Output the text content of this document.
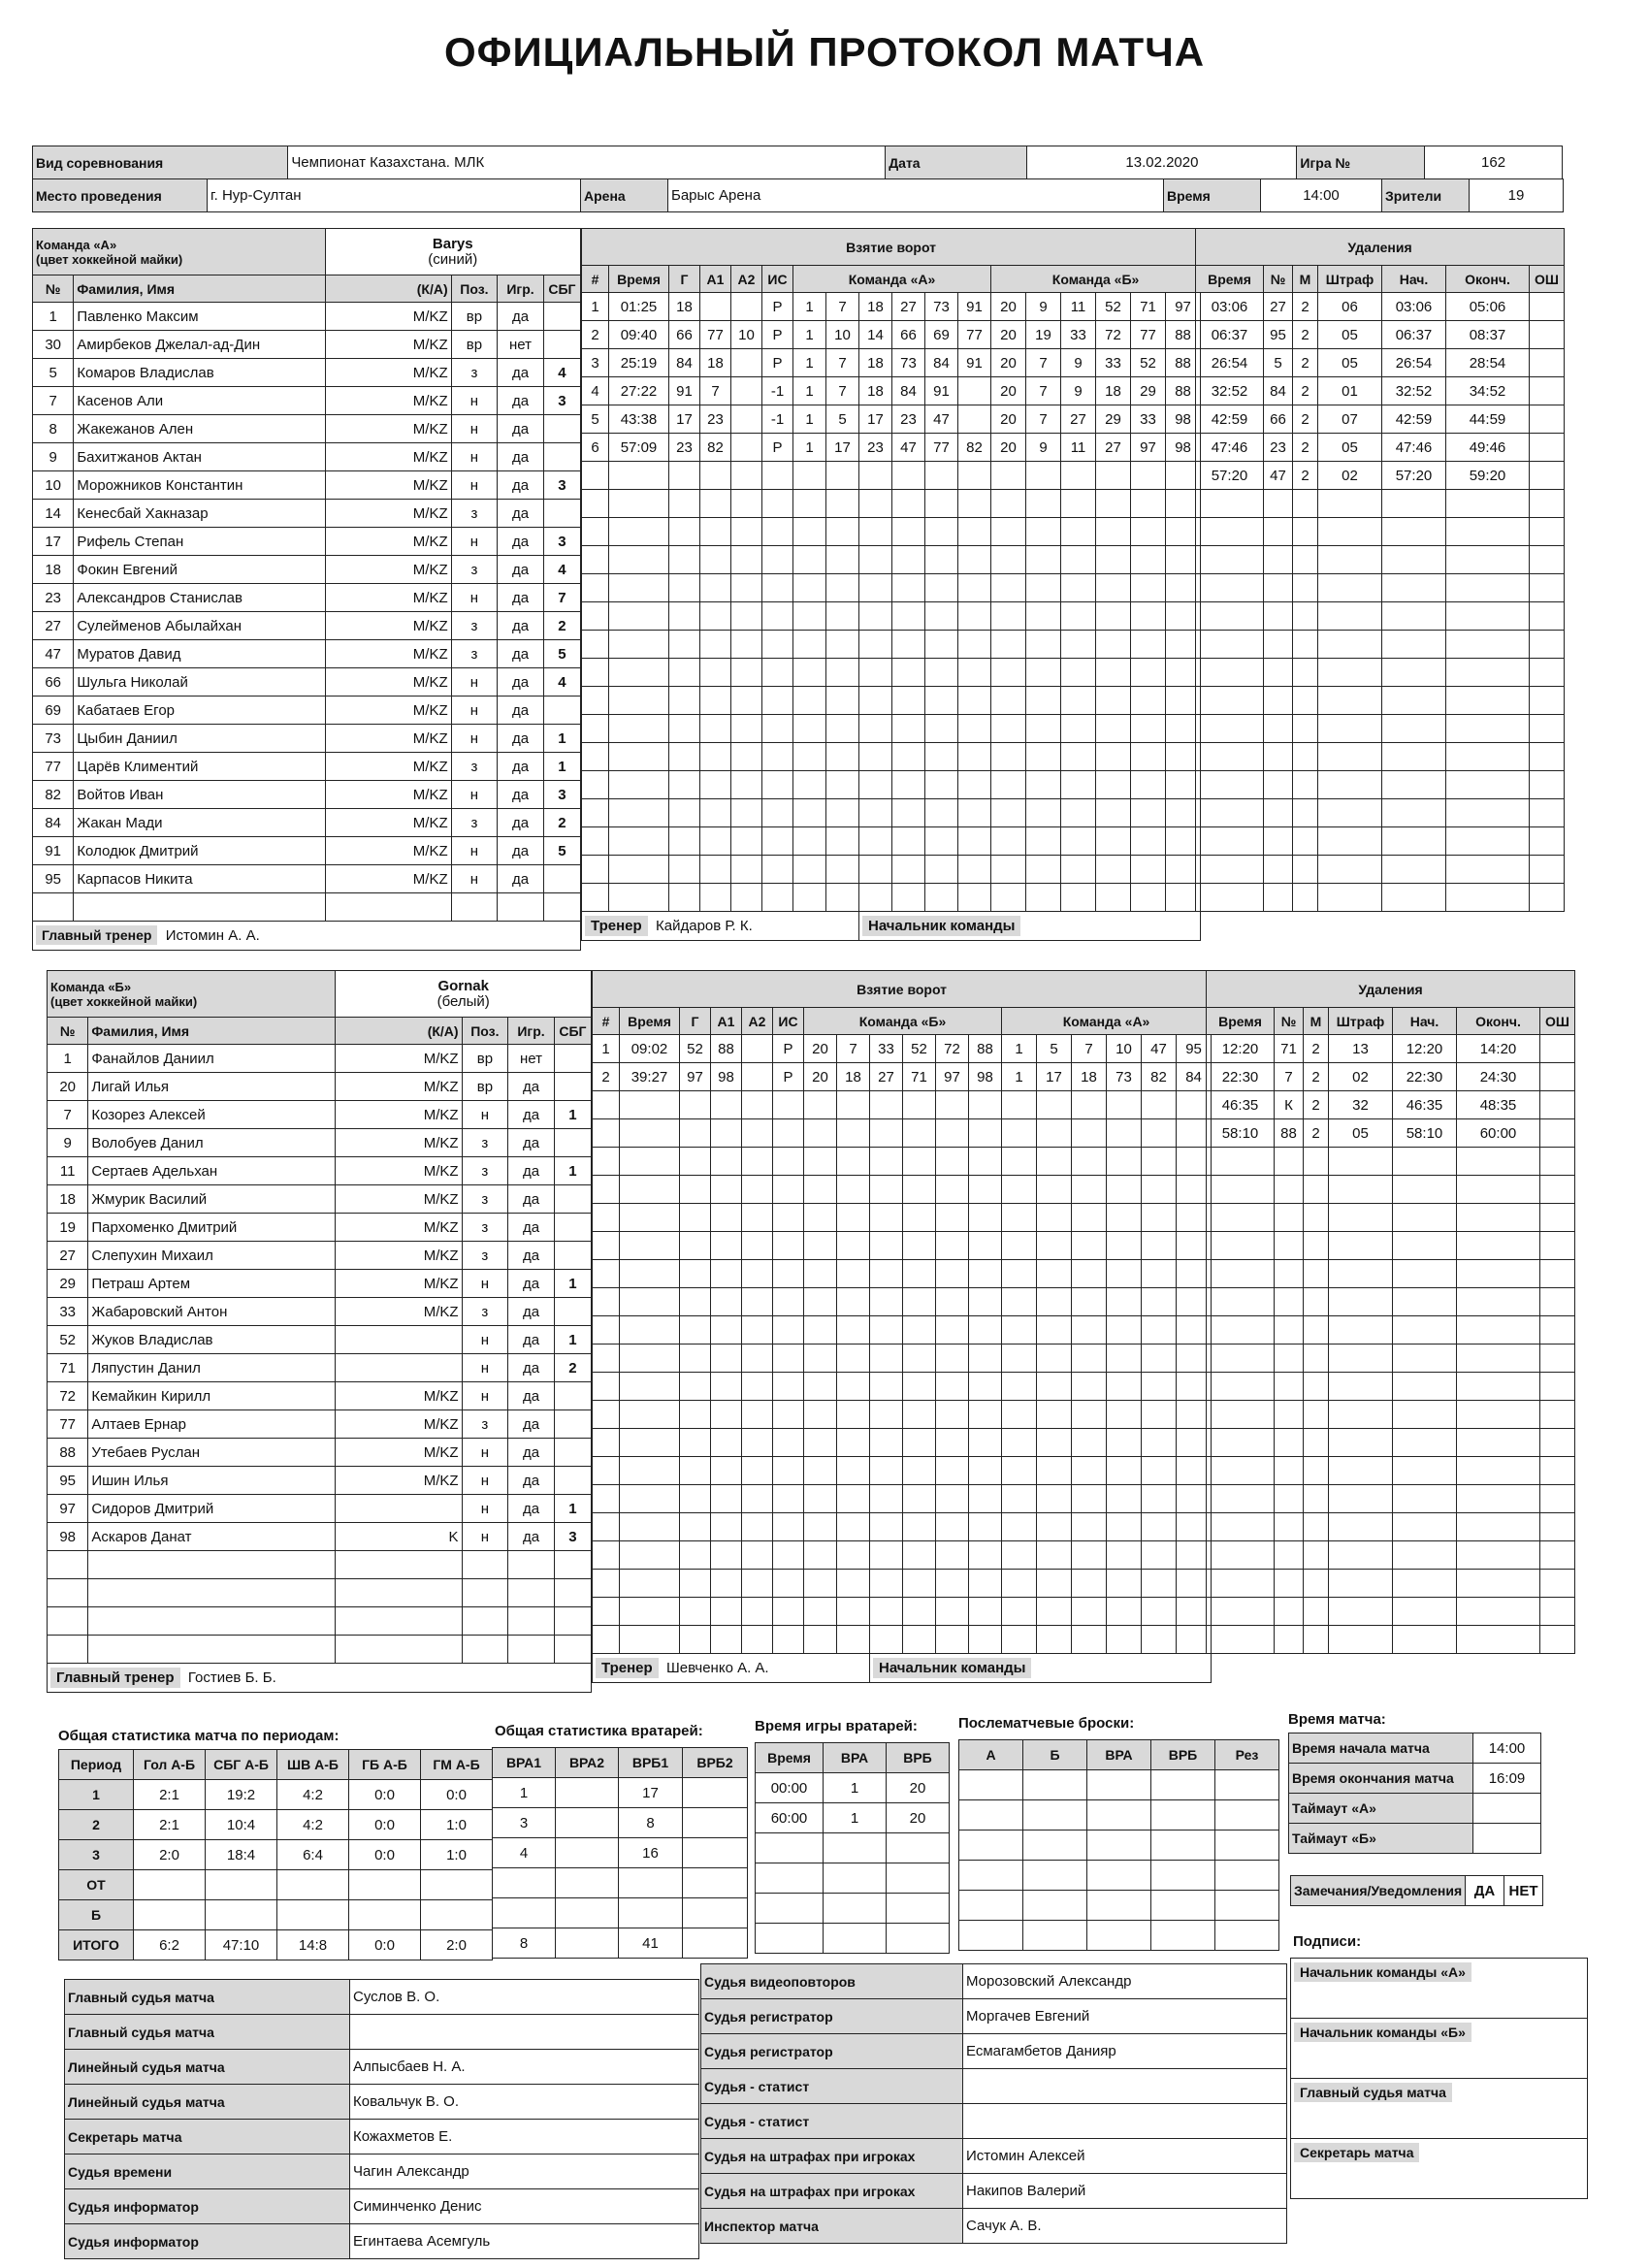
ОФИЦИАЛЬНЫЙ ПРОТОКОЛ МАТЧА
Вид соревнования	Чемпионат Казахстана. МЛК	Дата	13.02.2020	Игра №	162
Место проведения	г. Нур-Султан	Арена	Барыс Арена	Время	14:00	Зрители	19
Команда «А»
(цвет хоккейной майки)		Barys
(синий)			
№	Фамилия, Имя	(К/А)	Поз.	Игр.	СБГ
1	Павленко Максим	M/KZ	вр	да	
30	Амирбеков Джелал-ад-Дин	M/KZ	вр	нет	
5	Комаров Владислав	M/KZ	з	да	4
7	Касенов Али	M/KZ	н	да	3
8	Жакежанов Ален	M/KZ	н	да	
9	Бахитжанов Актан	M/KZ	н	да	
10	Морожников Константин	M/KZ	н	да	3
14	Кенесбай Хакназар	M/KZ	з	да	
17	Рифель Степан	M/KZ	н	да	3
18	Фокин Евгений	M/KZ	з	да	4
23	Александров Станислав	M/KZ	н	да	7
27	Сулейменов Абылайхан	M/KZ	з	да	2
47	Муратов Давид	M/KZ	з	да	5
66	Шульга Николай	M/KZ	н	да	4
69	Кабатаев Егор	M/KZ	н	да	
73	Цыбин Даниил	M/KZ	н	да	1
77	Царёв Климентий	M/KZ	з	да	1
82	Войтов Иван	M/KZ	н	да	3
84	Жакан Мади	M/KZ	з	да	2
91	Колодюк Дмитрий	M/KZ	н	да	5
95	Карпасов Никита	M/KZ	н	да	

Главный тренер Истомин А. А.					
Взятие ворот																	
#	Время	Г	А1	А2	ИС	Команда «А»						Команда «Б»					
1	01:25	18			Р	1	7	18	27	73	91	20	9	11	52	71	97
2	09:40	66	77	10	Р	1	10	14	66	69	77	20	19	33	72	77	88
3	25:19	84	18		Р	1	7	18	73	84	91	20	7	9	33	52	88
4	27:22	91	7		-1	1	7	18	84	91		20	7	9	18	29	88
5	43:38	17	23		-1	1	5	17	23	47		20	7	27	29	33	98
6	57:09	23	82		Р	1	17	23	47	77	82	20	9	11	27	97	98

Тренер Кайдаров Р. К.								Начальник команды									
Удаления						
Время	№	М	Штраф	Нач.	Оконч.	ОШ
03:06	27	2	06	03:06	05:06	
06:37	95	2	05	06:37	08:37	
26:54	5	2	05	26:54	28:54	
32:52	84	2	01	32:52	34:52	
42:59	66	2	07	42:59	44:59	
47:46	23	2	05	47:46	49:46	
57:20	47	2	02	57:20	59:20	

Команда «Б»
(цвет хоккейной майки)		Gornak
(белый)			
№	Фамилия, Имя	(К/А)	Поз.	Игр.	СБГ
1	Фанайлов Даниил	M/KZ	вр	нет	
20	Лигай Илья	M/KZ	вр	да	
7	Козорез Алексей	M/KZ	н	да	1
9	Волобуев Данил	M/KZ	з	да	
11	Сертаев Адельхан	M/KZ	з	да	1
18	Жмурик Василий	M/KZ	з	да	
19	Пархоменко Дмитрий	M/KZ	з	да	
27	Слепухин Михаил	M/KZ	з	да	
29	Петраш Артем	M/KZ	н	да	1
33	Жабаровский Антон	M/KZ	з	да	
52	Жуков Владислав		н	да	1
71	Ляпустин Данил		н	да	2
72	Кемайкин Кирилл	M/KZ	н	да	
77	Алтаев Ернар	M/KZ	з	да	
88	Утебаев Руслан	M/KZ	н	да	
95	Ишин Илья	M/KZ	н	да	
97	Сидоров Дмитрий		н	да	1
98	Аскаров Данат	K	н	да	3

Главный тренер Гостиев Б. Б.					
Взятие ворот																	
#	Время	Г	А1	А2	ИС	Команда «Б»						Команда «А»					
1	09:02	52	88		Р	20	7	33	52	72	88	1	5	7	10	47	95
2	39:27	97	98		Р	20	18	27	71	97	98	1	17	18	73	82	84

Тренер Шевченко А. А.								Начальник команды									
Удаления						
Время	№	М	Штраф	Нач.	Оконч.	ОШ
12:20	71	2	13	12:20	14:20	
22:30	7	2	02	22:30	24:30	
46:35	К	2	32	46:35	48:35	
58:10	88	2	05	58:10	60:00	

Общая статистика матча по периодам:	Общая статистика вратарей:	Время игры вратарей:	Послематчевые броски:	Время матча:
Период	Гол А-Б	СБГ А-Б	ШВ А-Б	ГБ А-Б	ГМ А-Б
1	2:1	19:2	4:2	0:0	0:0
2	2:1	10:4	4:2	0:0	1:0
3	2:0	18:4	6:4	0:0	1:0
ОТ					
Б					
ИТОГО	6:2	47:10	14:8	0:0	2:0
ВРА1	ВРА2	ВРБ1	ВРБ2
1		17	
3		8	
4		16	

8		41	
Время	ВРА	ВРБ
00:00	1	20
60:00	1	20

А	Б	ВРА	ВРБ	Рез

				Время начала матча	14:00
Время окончания матча	16:09
Таймаут «А»	
Таймаут «Б»	
Замечания/Уведомления	ДА	НЕТ
Главный судья матча	Суслов В. О.
Главный судья матча	
Линейный судья матча	Алпысбаев Н. А.
Линейный судья матча	Ковальчук В. О.
Секретарь матча	Кожахметов Е.
Судья времени	Чагин Александр
Судья информатор	Симинченко Денис
Судья информатор	Егинтаева Асемгуль
Судья видеоповторов	Морозовский Александр
Судья регистратор	Моргачев Евгений
Судья регистратор	Есмагамбетов Данияр
Судья - статист	
Судья - статист	
Судья на штрафах при игроках	Истомин Алексей
Судья на штрафах при игроках	Накипов Валерий
Инспектор матча	Сачук А. В.
Подписи:
Начальник команды «А»
Начальник команды «Б»
Главный судья матча
Секретарь матча
